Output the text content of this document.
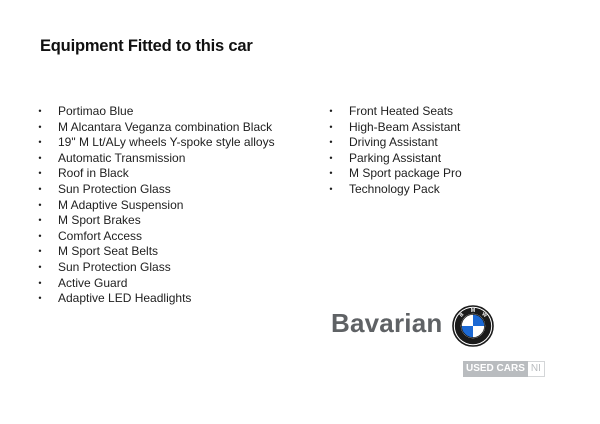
Equipment Fitted to this car
• Portimao Blue
• M Alcantara Veganza combination Black
• 19" M Lt/ALy wheels Y-spoke style alloys
• Automatic Transmission
• Roof in Black
• Sun Protection Glass
• M Adaptive Suspension
• M Sport Brakes
• Comfort Access
• M Sport Seat Belts
• Sun Protection Glass
• Active Guard
• Adaptive LED Headlights
• Front Heated Seats
• High-Beam Assistant
• Driving Assistant
• Parking Assistant
• M Sport package Pro
• Technology Pack
Bavarian	B
M
W
USED CARS NI
